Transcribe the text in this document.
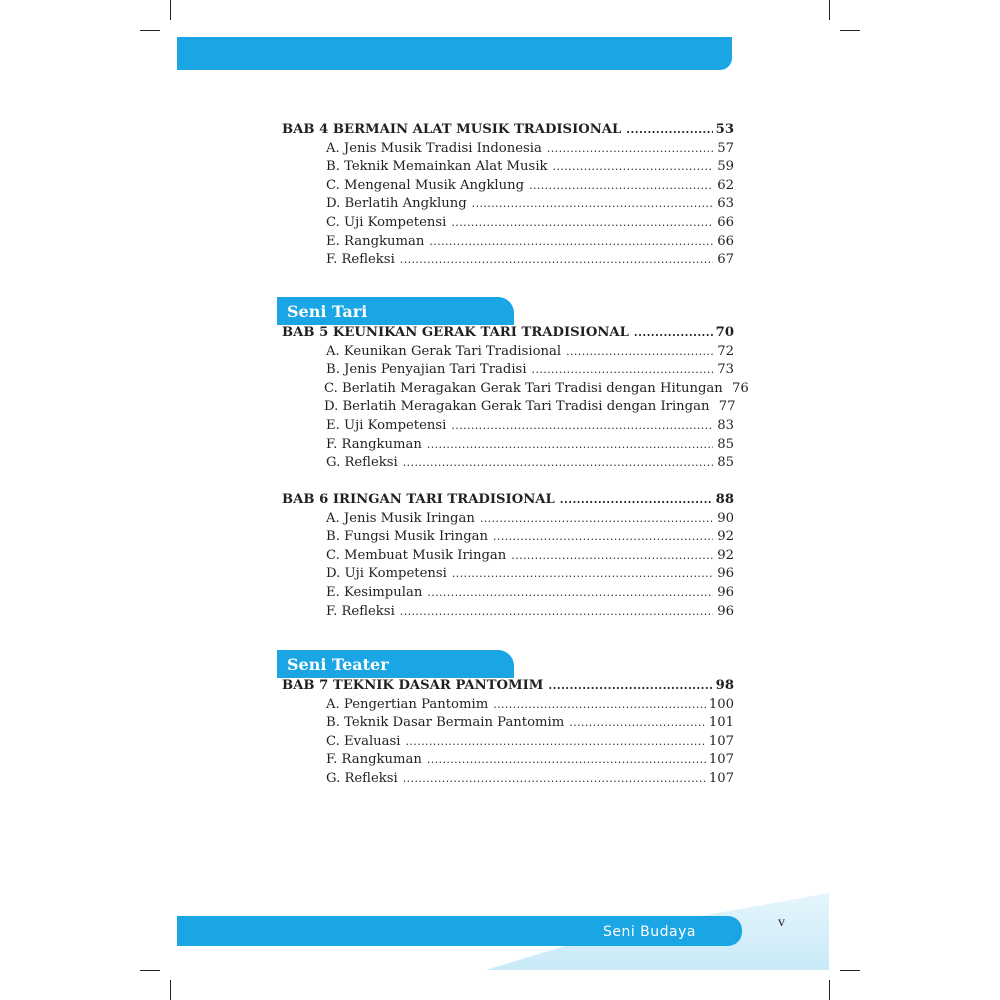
BAB 4 BERMAIN ALAT MUSIK TRADISIONAL .....	53
A. Jenis Musik Tradisi Indonesia .....	57
B. Teknik Memainkan Alat Musik .....	59
C. Mengenal Musik Angklung .....	62
D. Berlatih Angklung .....	63
C. Uji Kompetensi .....	66
E. Rangkuman .....	66
F. Refleksi .....	67
Seni Tari
BAB 5 KEUNIKAN GERAK TARI TRADISIONAL .....	70
A. Keunikan Gerak Tari Tradisional .....	72
B. Jenis Penyajian Tari Tradisi .....	73
C. Berlatih Meragakan Gerak Tari Tradisi dengan Hitungan 76
D. Berlatih Meragakan Gerak Tari Tradisi dengan Iringan 77
E. Uji Kompetensi .....	83
F. Rangkuman .....	85
G. Refleksi .....	85
BAB 6 IRINGAN TARI TRADISIONAL .....	88
A. Jenis Musik Iringan .....	90
B. Fungsi Musik Iringan .....	92
C. Membuat Musik Iringan .....	92
D. Uji Kompetensi .....	96
E. Kesimpulan .....	96
F. Refleksi .....	96
Seni Teater
BAB 7 TEKNIK DASAR PANTOMIM .....	98
A. Pengertian Pantomim .....	100
B. Teknik Dasar Bermain Pantomim .....	101
C. Evaluasi .....	107
F. Rangkuman .....	107
G. Refleksi .....	107
Seni Budaya
v
